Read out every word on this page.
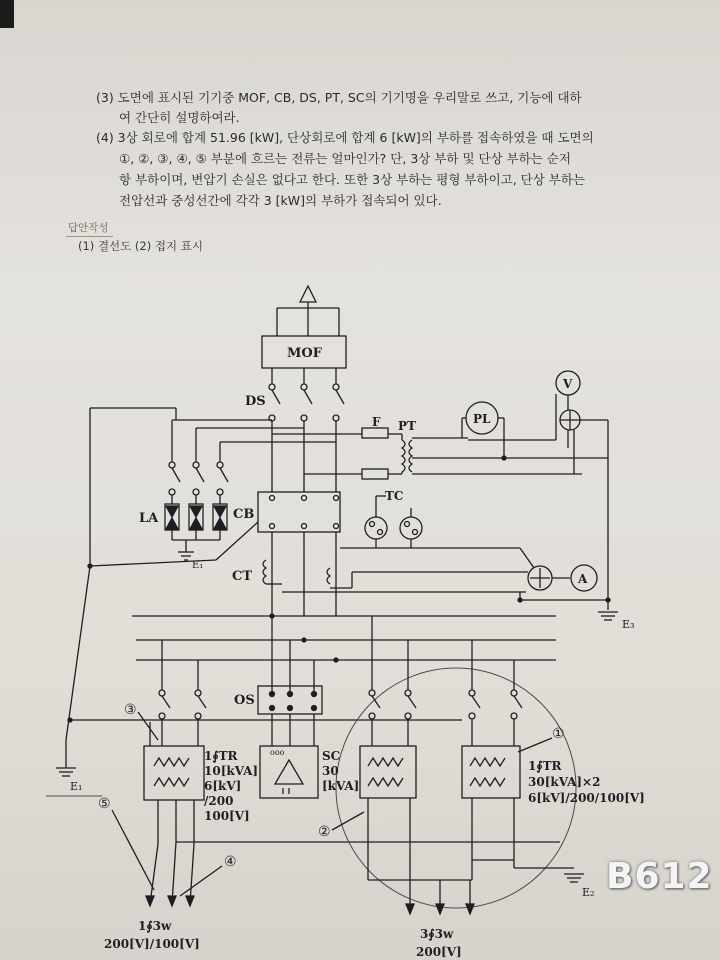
(3) 도면에 표시된 기기중 MOF, CB, DS, PT, SC의 기기명을 우리말로 쓰고, 기능에 대하
여 간단히 설명하여라.
(4) 3상 회로에 합계 51.96 [kW], 단상회로에 합계 6 [kW]의 부하를 접속하였을 때 도면의
①, ②, ③, ④, ⑤ 부분에 흐르는 전류는 얼마인가? 단, 3상 부하 및 단상 부하는 순저
항 부하이며, 변압기 손실은 없다고 한다. 또한 3상 부하는 평형 부하이고, 단상 부하는
전압선과 중성선간에 각각 3 [kW]의 부하가 접속되어 있다.
답안작성
(1) 결선도 (2) 접지 표시
MOF
DS
F PT	PL
V
LA
E₁
CB
TC
CT	A
E₃
E₁
OS
ooo
E₂
③
⑤
④
②
①
1∮TR
10[kVA]
6[kV]
/200
100[V]
SC
30
[kVA]
1∮TR
30[kVA]×2
6[kV]/200/100[V]
1∮3w
200[V]/100[V]
3∮3w
200[V]
B612
